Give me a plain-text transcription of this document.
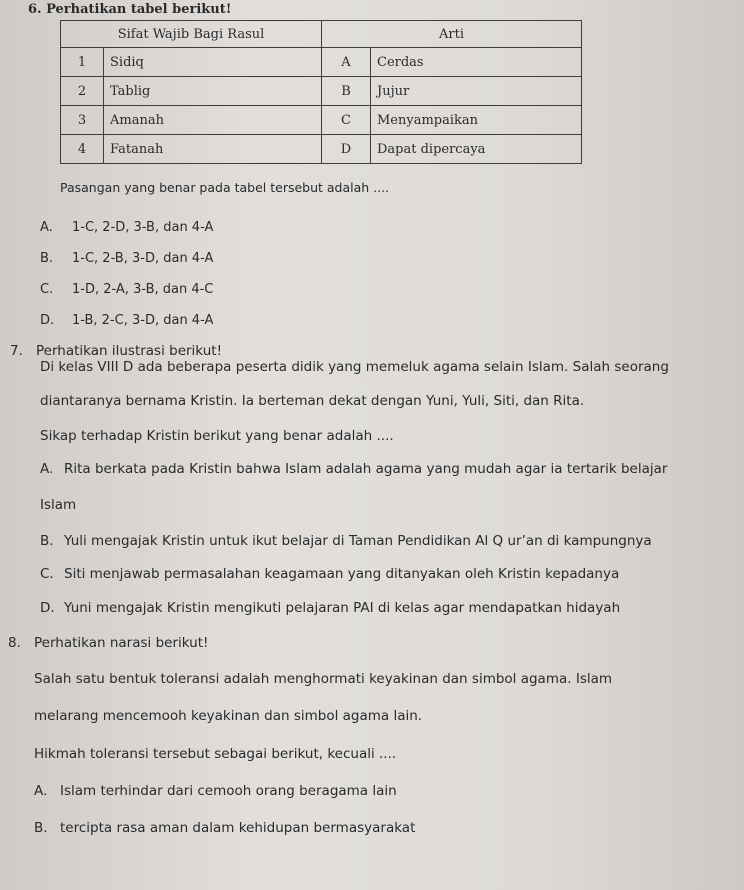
6. Perhatikan tabel berikut!
Sifat Wajib Bagi Rasul		Arti	
1	Sidiq	A	Cerdas
2	Tablig	B	Jujur
3	Amanah	C	Menyampaikan
4	Fatanah	D	Dapat dipercaya
Pasangan yang benar pada tabel tersebut adalah ....
A. 1-C, 2-D, 3-B, dan 4-A
B. 1-C, 2-B, 3-D, dan 4-A
C. 1-D, 2-A, 3-B, dan 4-C
D. 1-B, 2-C, 3-D, dan 4-A
7. Perhatikan ilustrasi berikut!
Di kelas VIII D ada beberapa peserta didik yang memeluk agama selain Islam. Salah seorang
diantaranya bernama Kristin. Ia berteman dekat dengan Yuni, Yuli, Siti, dan Rita.
Sikap terhadap Kristin berikut yang benar adalah ....
A. Rita berkata pada Kristin bahwa Islam adalah agama yang mudah agar ia tertarik belajar
Islam
B. Yuli mengajak Kristin untuk ikut belajar di Taman Pendidikan Al Q ur’an di kampungnya
C. Siti menjawab permasalahan keagamaan yang ditanyakan oleh Kristin kepadanya
D. Yuni mengajak Kristin mengikuti pelajaran PAI di kelas agar mendapatkan hidayah
8. Perhatikan narasi berikut!
Salah satu bentuk toleransi adalah menghormati keyakinan dan simbol agama. Islam
melarang mencemooh keyakinan dan simbol agama lain.
Hikmah toleransi tersebut sebagai berikut, kecuali ....
A. Islam terhindar dari cemooh orang beragama lain
B. tercipta rasa aman dalam kehidupan bermasyarakat
